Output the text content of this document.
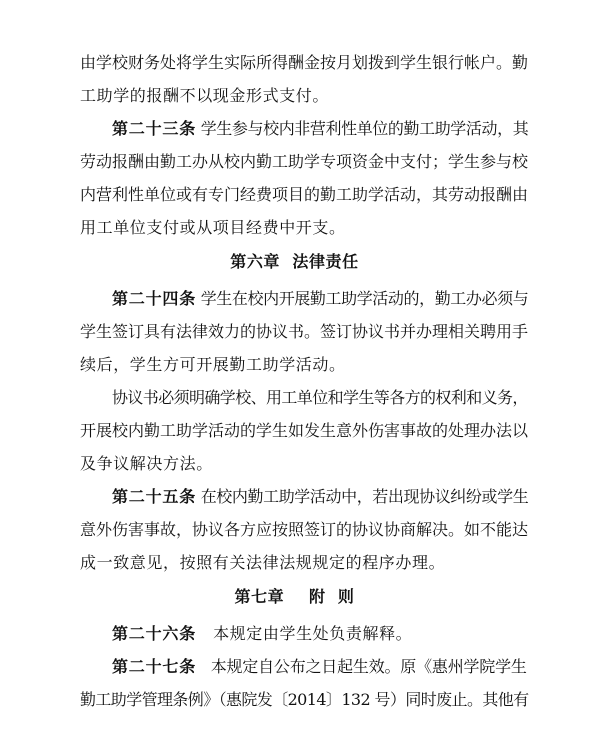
由学校财务处将学生实际所得酬金按月划拨到学生银行帐户。勤
工助学的报酬不以现金形式支付。
第二十三条 学生参与校内非营利性单位的勤工助学活动，其
劳动报酬由勤工办从校内勤工助学专项资金中支付；学生参与校
内营利性单位或有专门经费项目的勤工助学活动，其劳动报酬由
用工单位支付或从项目经费中开支。
第六章  法律责任
第二十四条 学生在校内开展勤工助学活动的，勤工办必须与
学生签订具有法律效力的协议书。签订协议书并办理相关聘用手
续后，学生方可开展勤工助学活动。
协议书必须明确学校、用工单位和学生等各方的权利和义务，
开展校内勤工助学活动的学生如发生意外伤害事故的处理办法以
及争议解决方法。
第二十五条 在校内勤工助学活动中，若出现协议纠纷或学生
意外伤害事故，协议各方应按照签订的协议协商解决。如不能达
成一致意见，按照有关法律法规规定的程序办理。
第七章    附  则
第二十六条 本规定由学生处负责解释。
第二十七条 本规定自公布之日起生效。原《惠州学院学生
勤工助学管理条例》（惠院发〔2014〕132 号）同时废止。其他有
